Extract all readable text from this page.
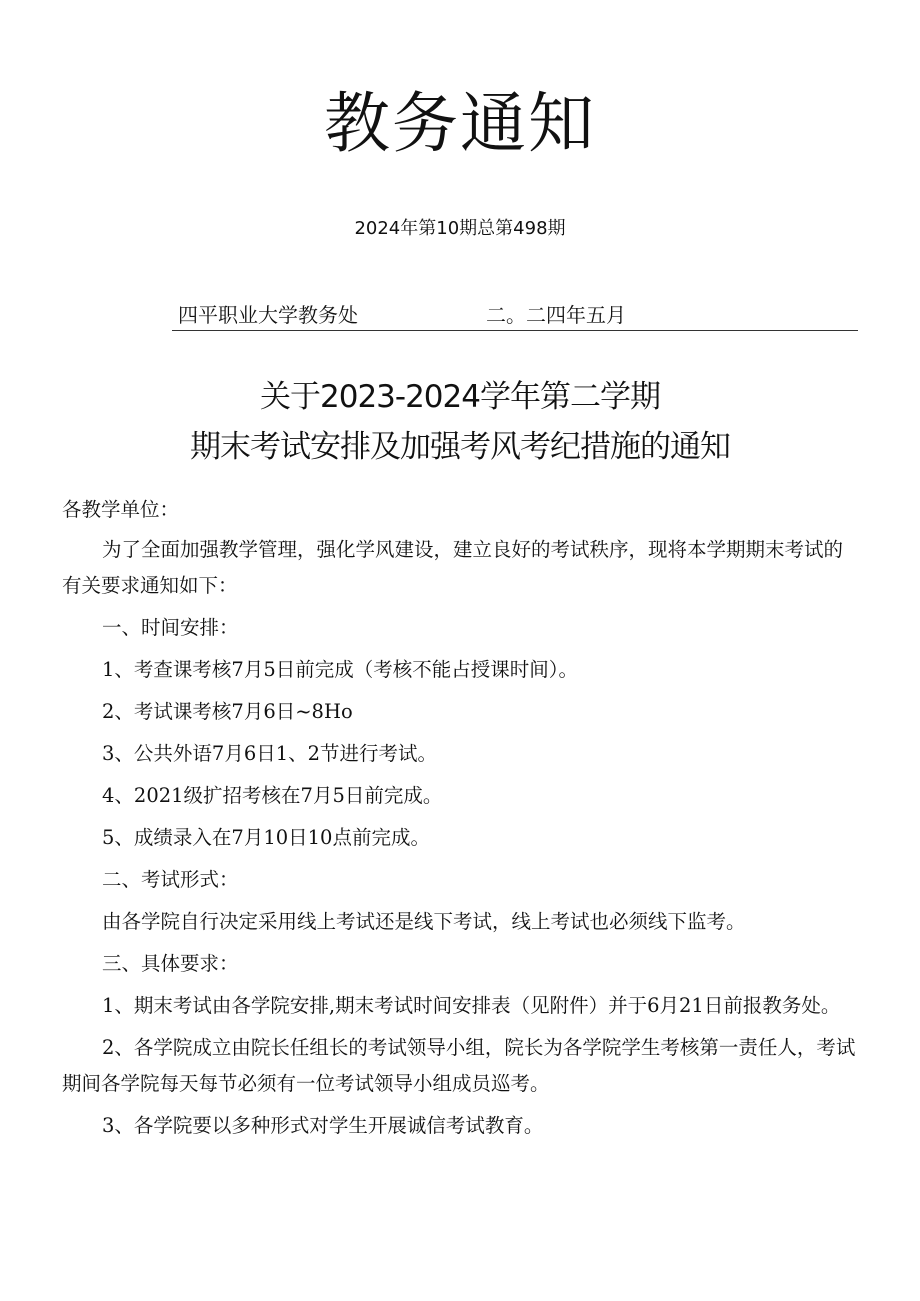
教务通知
2024年第10期总第498期
四平职业大学教务处	二。二四年五月
关于2023-2024学年第二学期
期末考试安排及加强考风考纪措施的通知

各教学单位：

为了全面加强教学管理，强化学风建设，建立良好的考试秩序，现将本学期期末考试的有关要求通知如下：

一、时间安排：

1、考查课考核7月5日前完成（考核不能占授课时间）。

2、考试课考核7月6日~8Ho

3、公共外语7月6日1、2节进行考试。

4、2021级扩招考核在7月5日前完成。

5、成绩录入在7月10日10点前完成。

二、考试形式：

由各学院自行决定采用线上考试还是线下考试，线上考试也必须线下监考。

三、具体要求：

1、期末考试由各学院安排,期末考试时间安排表（见附件）并于6月21日前报教务处。

2、各学院成立由院长任组长的考试领导小组，院长为各学院学生考核第一责任人，考试期间各学院每天每节必须有一位考试领导小组成员巡考。

3、各学院要以多种形式对学生开展诚信考试教育。
